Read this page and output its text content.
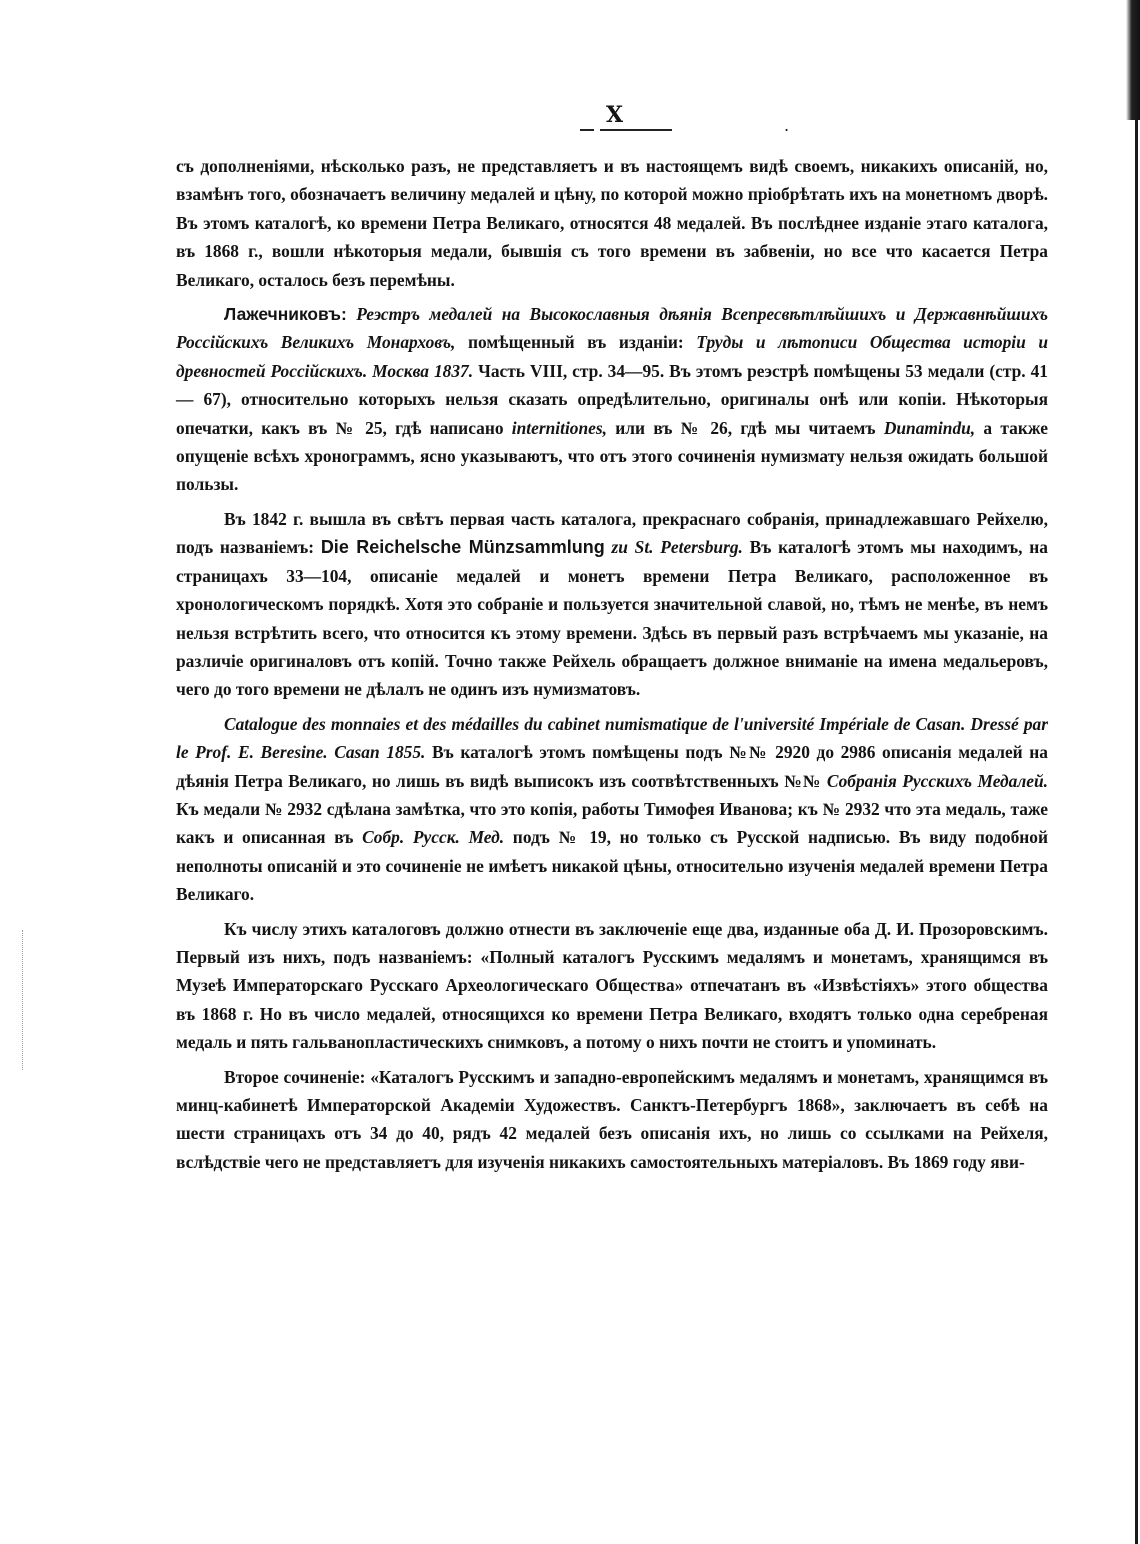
X	.

съ дополненiями, нѣсколько разъ, не представляетъ и въ настоящемъ видѣ своемъ, никакихъ описанiй, но, взамѣнъ того, обозначаетъ величину медалей и цѣну, по которой можно прiобрѣтать ихъ на монетномъ дворѣ. Въ этомъ каталогѣ, ко времени Петра Великаго, относятся 48 медалей. Въ послѣднее изданiе этаго каталога, въ 1868 г., вошли нѣкоторыя медали, бывшiя съ того времени въ забвенiи, но все что касается Петра Великаго, осталось безъ перемѣны.

Лажечниковъ: Реэстръ медалей на Высокославныя дѣянiя Всепресвѣтлѣйшихъ и Державнѣйшихъ Россiйскихъ Великихъ Монарховъ, помѣщенный въ изданiи: Труды и лѣтописи Общества исторiи и древностей Россiйскихъ. Москва 1837. Часть VIII, стр. 34—95. Въ этомъ реэстрѣ помѣщены 53 медали (стр. 41 — 67), относительно которыхъ нельзя сказать опредѣлительно, оригиналы онѣ или копiи. Нѣкоторыя опечатки, какъ въ № 25, гдѣ написано internitiones, или въ № 26, гдѣ мы читаемъ Dunamindu, а также опущенiе всѣхъ хронограммъ, ясно указываютъ, что отъ этого сочиненiя нумизмату нельзя ожидать большой пользы.

Въ 1842 г. вышла въ свѣтъ первая часть каталога, прекраснаго собранiя, принадлежавшаго Рейхелю, подъ названiемъ: Die Reichelsche Münzsammlung zu St. Petersburg. Въ каталогѣ этомъ мы находимъ, на страницахъ 33—104, описанiе медалей и монетъ времени Петра Великаго, расположенное въ хронологическомъ порядкѣ. Хотя это собранiе и пользуется значительной славой, но, тѣмъ не менѣе, въ немъ нельзя встрѣтить всего, что относится къ этому времени. Здѣсь въ первый разъ встрѣчаемъ мы указанiе, на различiе оригиналовъ отъ копiй. Точно также Рейхель обращаетъ должное вниманiе на имена медальеровъ, чего до того времени не дѣлалъ не одинъ изъ нумизматовъ.

Catalogue des monnaies et des médailles du cabinet numismatique de l'université Impériale de Casan. Dressé par le Prof. E. Beresine. Casan 1855. Въ каталогѣ этомъ помѣщены подъ №№ 2920 до 2986 описанiя медалей на дѣянiя Петра Великаго, но лишь въ видѣ выписокъ изъ соотвѣтственныхъ №№ Собранiя Русскихъ Медалей. Къ медали № 2932 сдѣлана замѣтка, что это копiя, работы Тимофея Иванова; къ № 2932 что эта медаль, таже какъ и описанная въ Собр. Русск. Мед. подъ № 19, но только съ Русской надписью. Въ виду подобной неполноты описанiй и это сочиненiе не имѣетъ никакой цѣны, относительно изученiя медалей времени Петра Великаго.

Къ числу этихъ каталоговъ должно отнести въ заключенiе еще два, изданные оба Д. И. Прозоровскимъ. Первый изъ нихъ, подъ названiемъ: «Полный каталогъ Русскимъ медалямъ и монетамъ, хранящимся въ Музеѣ Императорскаго Русскаго Археологическаго Общества» отпечатанъ въ «Извѣстiяхъ» этого общества въ 1868 г. Но въ число медалей, относящихся ко времени Петра Великаго, входятъ только одна серебреная медаль и пять гальванопластическихъ снимковъ, а потому о нихъ почти не стоитъ и упоминать.

Второе сочиненiе: «Каталогъ Русскимъ и западно-европейскимъ медалямъ и монетамъ, хранящимся въ минц-кабинетѣ Императорской Академiи Художествъ. Санктъ-Петербургъ 1868», заключаетъ въ себѣ на шести страницахъ отъ 34 до 40, рядъ 42 медалей безъ описанiя ихъ, но лишь со ссылками на Рейхеля, вслѣдствiе чего не представляетъ для изученiя никакихъ самостоятельныхъ матерiаловъ. Въ 1869 году яви-
